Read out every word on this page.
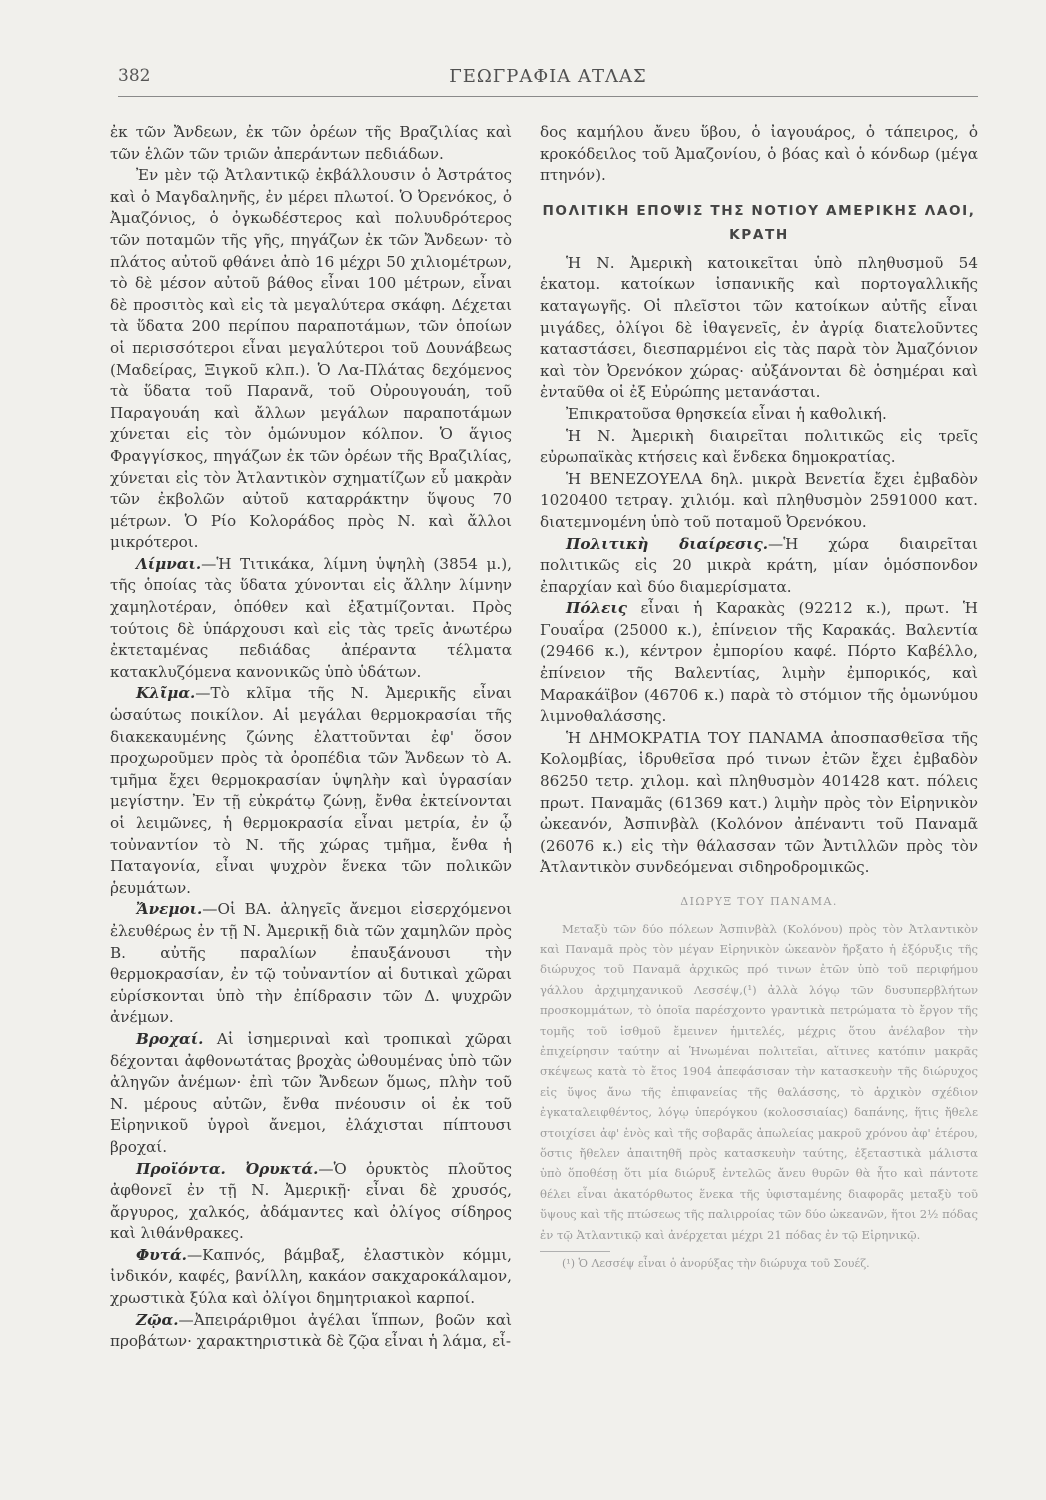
382	ΓΕΩΓΡΑΦΙΑ ΑΤΛΑΣ

ἐκ τῶν Ἄνδεων, ἐκ τῶν ὀρέων τῆς Βραζιλίας καὶ τῶν ἑλῶν τῶν τριῶν ἀπεράντων πεδιάδων.

Ἐν μὲν τῷ Ἀτλαντικῷ ἐκβάλλουσιν ὁ Ἀστράτος καὶ ὁ Μαγδαληνῆς, ἐν μέρει πλωτοί. Ὁ Ὀρενόκος, ὁ Ἀμαζόνιος, ὁ ὀγκωδέστερος καὶ πολυυδρότερος τῶν ποταμῶν τῆς γῆς, πηγάζων ἐκ τῶν Ἄνδεων· τὸ πλάτος αὐτοῦ φθάνει ἀπὸ 16 μέχρι 50 χιλιομέτρων, τὸ δὲ μέσον αὐτοῦ βάθος εἶναι 100 μέτρων, εἶναι δὲ προσιτὸς καὶ εἰς τὰ μεγαλύτερα σκάφη. Δέχεται τὰ ὕδατα 200 περίπου παραποτάμων, τῶν ὁποίων οἱ περισσότεροι εἶναι μεγαλύτεροι τοῦ Δουνάβεως (Μαδείρας, Ξιγκοῦ κλπ.). Ὁ Λα-Πλάτας δεχόμενος τὰ ὕδατα τοῦ Παρανᾶ, τοῦ Οὐρουγουάη, τοῦ Παραγουάη καὶ ἄλλων μεγάλων παραποτάμων χύνεται εἰς τὸν ὁμώνυμον κόλπον. Ὁ ἅγιος Φραγγίσκος, πηγάζων ἐκ τῶν ὀρέων τῆς Βραζιλίας, χύνεται εἰς τὸν Ἀτλαντικὸν σχηματίζων εὖ μακρὰν τῶν ἐκβολῶν αὐτοῦ καταρράκτην ὕψους 70 μέτρων. Ὁ Ρίο Κολοράδος πρὸς Ν. καὶ ἄλλοι μικρότεροι.

Λίμναι.—Ἡ Τιτικάκα, λίμνη ὑψηλὴ (3854 μ.), τῆς ὁποίας τὰς ὕδατα χύνονται εἰς ἄλλην λίμνην χαμηλοτέραν, ὁπόθεν καὶ ἐξατμίζονται. Πρὸς τούτοις δὲ ὑπάρχουσι καὶ εἰς τὰς τρεῖς ἀνωτέρω ἐκτεταμένας πεδιάδας ἀπέραντα τέλματα κατακλυζόμενα κανονικῶς ὑπὸ ὑδάτων.

Κλῖμα.—Τὸ κλῖμα τῆς Ν. Ἀμερικῆς εἶναι ὡσαύτως ποικίλον. Αἱ μεγάλαι θερμοκρασίαι τῆς διακεκαυμένης ζώνης ἐλαττοῦνται ἐφ' ὅσον προχωροῦμεν πρὸς τὰ ὀροπέδια τῶν Ἄνδεων τὸ Α. τμῆμα ἔχει θερμοκρασίαν ὑψηλὴν καὶ ὑγρασίαν μεγίστην. Ἐν τῇ εὐκράτῳ ζώνῃ, ἔνθα ἐκτείνονται οἱ λειμῶνες, ἡ θερμοκρασία εἶναι μετρία, ἐν ᾧ τοὐναντίον τὸ Ν. τῆς χώρας τμῆμα, ἔνθα ἡ Παταγονία, εἶναι ψυχρὸν ἕνεκα τῶν πολικῶν ῥευμάτων.

Ἄνεμοι.—Οἱ ΒΑ. ἀληγεῖς ἄνεμοι εἰσερχόμενοι ἐλευθέρως ἐν τῇ Ν. Ἀμερικῇ διὰ τῶν χαμηλῶν πρὸς Β. αὐτῆς παραλίων ἐπαυξάνουσι τὴν θερμοκρασίαν, ἐν τῷ τοὐναντίον αἱ δυτικαὶ χῶραι εὑρίσκονται ὑπὸ τὴν ἐπίδρασιν τῶν Δ. ψυχρῶν ἀνέμων.

Βροχαί. Αἱ ἰσημεριναὶ καὶ τροπικαὶ χῶραι δέχονται ἀφθονωτάτας βροχὰς ὠθουμένας ὑπὸ τῶν ἀληγῶν ἀνέμων· ἐπὶ τῶν Ἄνδεων ὅμως, πλὴν τοῦ Ν. μέρους αὐτῶν, ἔνθα πνέουσιν οἱ ἐκ τοῦ Εἰρηνικοῦ ὑγροὶ ἄνεμοι, ἐλάχισται πίπτουσι βροχαί.

Προϊόντα. Ὀρυκτά.—Ὁ ὀρυκτὸς πλοῦτος ἀφθονεῖ ἐν τῇ Ν. Ἀμερικῇ· εἶναι δὲ χρυσός, ἄργυρος, χαλκός, ἀδάμαντες καὶ ὀλίγος σίδηρος καὶ λιθάνθρακες.

Φυτά.—Καπνός, βάμβαξ, ἐλαστικὸν κόμμι, ἰνδικόν, καφές, βανίλλη, κακάον σακχαροκάλαμον, χρωστικὰ ξύλα καὶ ὀλίγοι δημητριακοὶ καρποί.

Ζῷα.—Ἀπειράριθμοι ἀγέλαι ἵππων, βοῶν καὶ προβάτων· χαρακτηριστικὰ δὲ ζῷα εἶναι ἡ λάμα, εἶ-

δος καμήλου ἄνευ ὕβου, ὁ ἰαγουάρος, ὁ τάπειρος, ὁ κροκόδειλος τοῦ Ἀμαζονίου, ὁ βόας καὶ ὁ κόνδωρ (μέγα πτηνόν).

ΠΟΛΙΤΙΚΗ ΕΠΟΨΙΣ ΤΗΣ ΝΟΤΙΟΥ ΑΜΕΡΙΚΗΣ ΛΑΟΙ, ΚΡΑΤΗ

Ἡ Ν. Ἀμερικὴ κατοικεῖται ὑπὸ πληθυσμοῦ 54 ἑκατομ. κατοίκων ἰσπανικῆς καὶ πορτογαλλικῆς καταγωγῆς. Οἱ πλεῖστοι τῶν κατοίκων αὐτῆς εἶναι μιγάδες, ὀλίγοι δὲ ἰθαγενεῖς, ἐν ἀγρίᾳ διατελοῦντες καταστάσει, διεσπαρμένοι εἰς τὰς παρὰ τὸν Ἀμαζόνιον καὶ τὸν Ὀρενόκον χώρας· αὐξάνονται δὲ ὁσημέραι καὶ ἐνταῦθα οἱ ἐξ Εὐρώπης μετανάσται.

Ἐπικρατοῦσα θρησκεία εἶναι ἡ καθολική.

Ἡ Ν. Ἀμερικὴ διαιρεῖται πολιτικῶς εἰς τρεῖς εὐρωπαϊκὰς κτήσεις καὶ ἕνδεκα δημοκρατίας.

Ἡ ΒΕΝΕΖΟΥΕΛΑ δηλ. μικρὰ Βενετία ἔχει ἐμβαδὸν 1020400 τετραγ. χιλιόμ. καὶ πληθυσμὸν 2591000 κατ. διατεμνομένη ὑπὸ τοῦ ποταμοῦ Ὀρενόκου.

Πολιτικὴ διαίρεσις.—Ἡ χώρα διαιρεῖται πολιτικῶς εἰς 20 μικρὰ κράτη, μίαν ὁμόσπονδον ἐπαρχίαν καὶ δύο διαμερίσματα.

Πόλεις εἶναι ἡ Καρακὰς (92212 κ.), πρωτ. Ἡ Γουαΐρα (25000 κ.), ἐπίνειον τῆς Καρακάς. Βαλεντία (29466 κ.), κέντρον ἐμπορίου καφέ. Πόρτο Καβέλλο, ἐπίνειον τῆς Βαλεντίας, λιμὴν ἐμπορικός, καὶ Μαρακάϊβον (46706 κ.) παρὰ τὸ στόμιον τῆς ὁμωνύμου λιμνοθαλάσσης.

Ἡ ΔΗΜΟΚΡΑΤΙΑ ΤΟΥ ΠΑΝΑΜΑ ἀποσπασθεῖσα τῆς Κολομβίας, ἱδρυθεῖσα πρό τινων ἐτῶν ἔχει ἐμβαδὸν 86250 τετρ. χιλομ. καὶ πληθυσμὸν 401428 κατ. πόλεις πρωτ. Παναμᾶς (61369 κατ.) λιμὴν πρὸς τὸν Εἰρηνικὸν ὠκεανόν, Ἀσπινβὰλ (Κολόνον ἀπέναντι τοῦ Παναμᾶ (26076 κ.) εἰς τὴν θάλασσαν τῶν Ἀντιλλῶν πρὸς τὸν Ἀτλαντικὸν συνδεόμεναι σιδηροδρομικῶς.

ΔΙΩΡΥΞ ΤΟΥ ΠΑΝΑΜΑ.

Μεταξὺ τῶν δύο πόλεων Ἀσπινβὰλ (Κολόνου) πρὸς τὸν Ἀτλαντικὸν καὶ Παναμᾶ πρὸς τὸν μέγαν Εἰρηνικὸν ὠκεανὸν ἤρξατο ἡ ἐξόρυξις τῆς διώρυχος τοῦ Παναμᾶ ἀρχικῶς πρό τινων ἐτῶν ὑπὸ τοῦ περιφήμου γάλλου ἀρχιμηχανικοῦ Λεσσέψ,(¹) ἀλλὰ λόγῳ τῶν δυσυπερβλήτων προσκομμάτων, τὸ ὁποῖα παρέσχοντο γραντικὰ πετρώματα τὸ ἔργον τῆς τομῆς τοῦ ἰσθμοῦ ἔμεινεν ἡμιτελές, μέχρις ὅτου ἀνέλαβον τὴν ἐπιχείρησιν ταύτην αἱ Ἡνωμέναι πολιτεῖαι, αἵτινες κατόπιν μακρᾶς σκέψεως κατὰ τὸ ἔτος 1904 ἀπεφάσισαν τὴν κατασκευὴν τῆς διώρυχος εἰς ὕψος ἄνω τῆς ἐπιφανείας τῆς θαλάσσης, τὸ ἀρχικὸν σχέδιον ἐγκαταλειφθέντος, λόγῳ ὑπερόγκου (κολοσσιαίας) δαπάνης, ἥτις ἤθελε στοιχίσει ἀφ' ἑνὸς καὶ τῆς σοβαρᾶς ἀπωλείας μακροῦ χρόνου ἀφ' ἑτέρου, ὅστις ἤθελεν ἀπαιτηθῆ πρὸς κατασκευὴν ταύτης, ἐξεταστικὰ μάλιστα ὑπὸ ὅποθέσῃ ὅτι μία διώρυξ ἐντελῶς ἄνευ θυρῶν θὰ ἦτο καὶ πάντοτε θέλει εἶναι ἀκατόρθωτος ἕνεκα τῆς ὑφισταμένης διαφορᾶς μεταξὺ τοῦ ὕψους καὶ τῆς πτώσεως τῆς παλιρροίας τῶν δύο ὠκεανῶν, ἥτοι 2½ πόδας ἐν τῷ Ἀτλαντικῷ καὶ ἀνέρχεται μέχρι 21 πόδας ἐν τῷ Εἰρηνικῷ.

(¹) Ὁ Λεσσέψ εἶναι ὁ ἀνορύξας τὴν διώρυχα τοῦ Σουέζ.
